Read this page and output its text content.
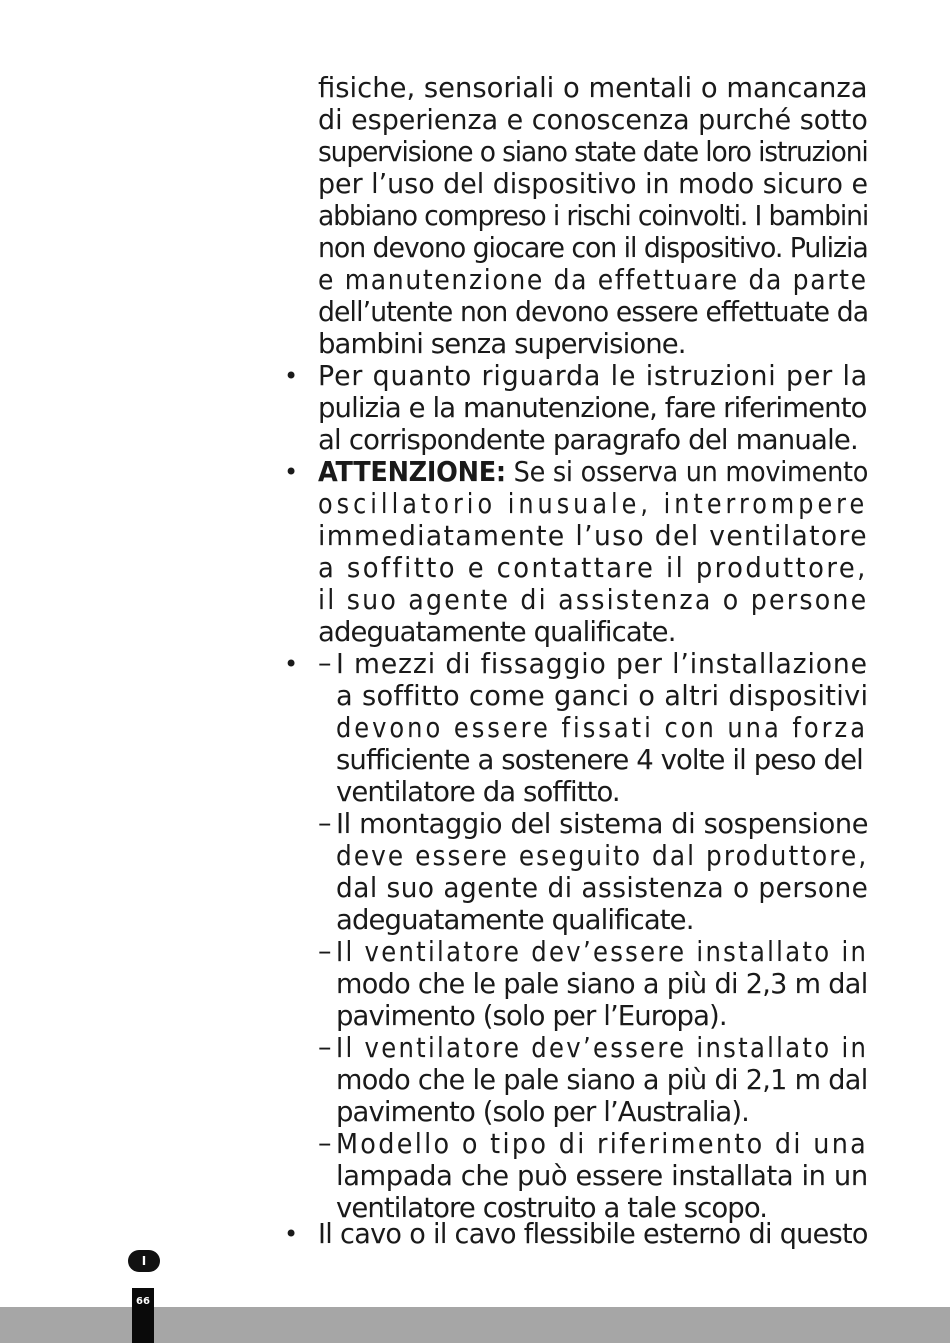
fisiche, sensoriali o mentali o mancanza
di esperienza e conoscenza purché sotto
supervisione o siano state date loro istruzioni
per l’uso del dispositivo in modo sicuro e
abbiano compreso i rischi coinvolti. I bambini
non devono giocare con il dispositivo. Pulizia
e manutenzione da effettuare da parte
dell’utente non devono essere effettuate da
bambini senza supervisione.
• Per quanto riguarda le istruzioni per la
pulizia e la manutenzione, fare riferimento
al corrispondente paragrafo del manuale.
• ATTENZIONE: Se si osserva un movimento
oscillatorio inusuale, interrompere
immediatamente l’uso del ventilatore
a soffitto e contattare il produttore,
il suo agente di assistenza o persone
adeguatamente qualificate.
• – I mezzi di fissaggio per l’installazione
a soffitto come ganci o altri dispositivi
devono essere fissati con una forza
sufficiente a sostenere 4 volte il peso del
ventilatore da soffitto.
– Il montaggio del sistema di sospensione
deve essere eseguito dal produttore,
dal suo agente di assistenza o persone
adeguatamente qualificate.
– Il ventilatore dev’essere installato in
modo che le pale siano a più di 2,3 m dal
pavimento (solo per l’Europa).
– Il ventilatore dev’essere installato in
modo che le pale siano a più di 2,1 m dal
pavimento (solo per l’Australia).
– Modello o tipo di riferimento di una
lampada che può essere installata in un
ventilatore costruito a tale scopo.
• Il cavo o il cavo flessibile esterno di questo
I
66
